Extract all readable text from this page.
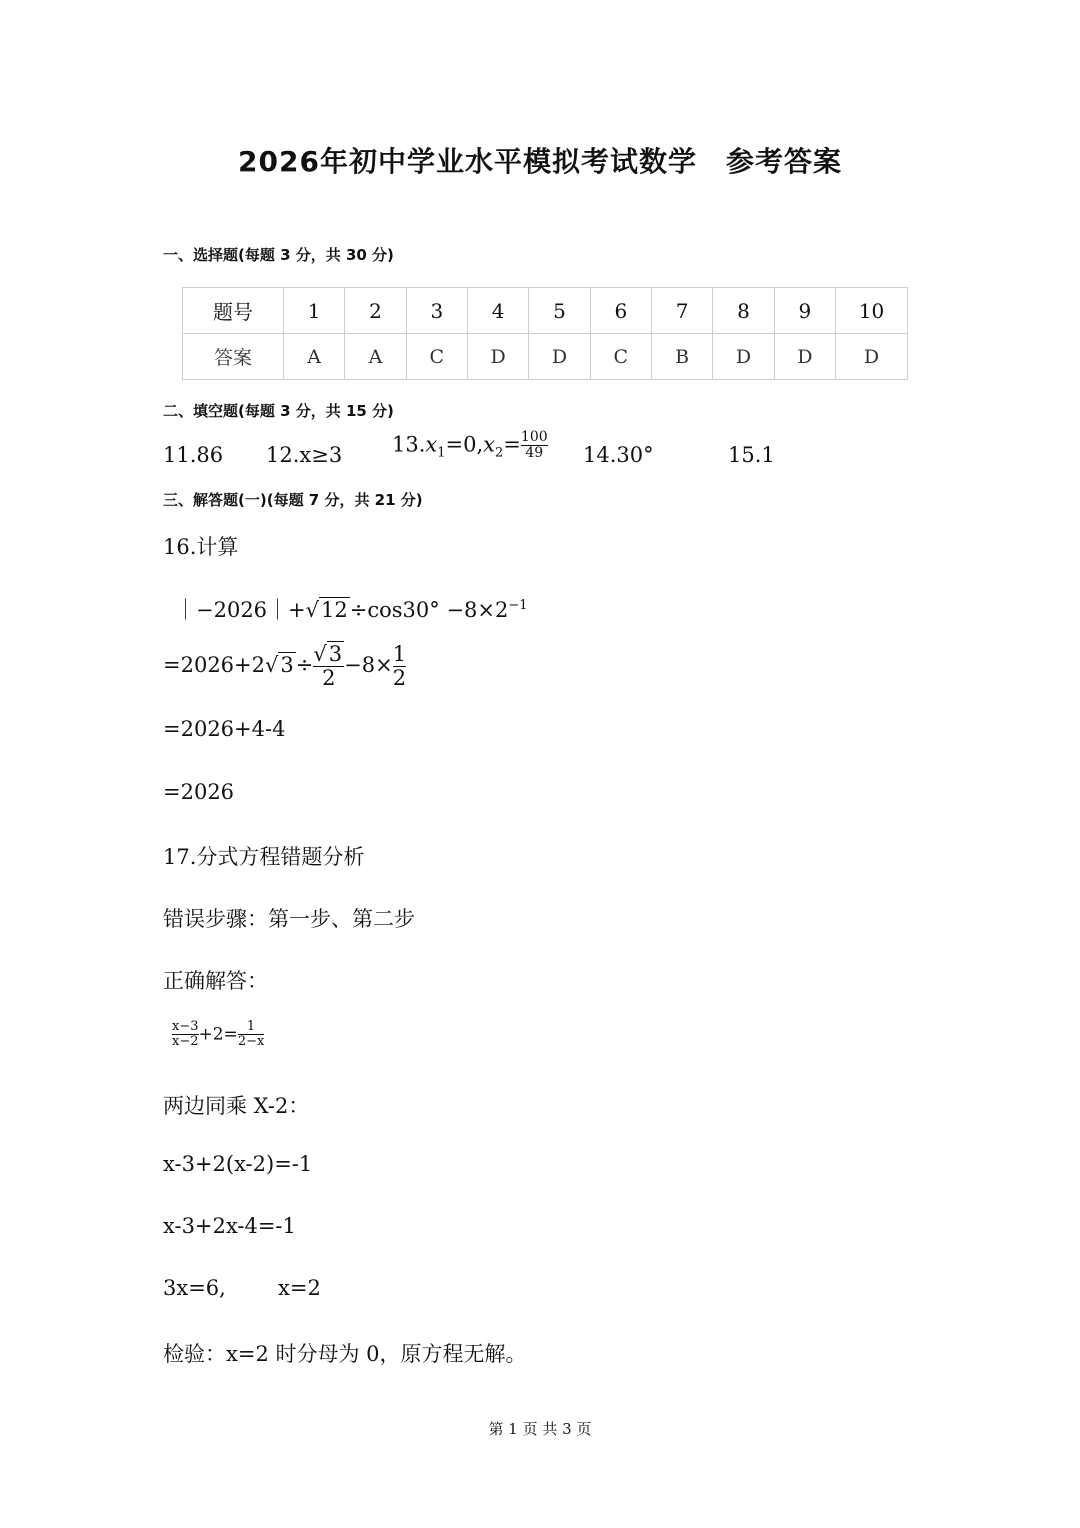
2026年初中学业水平模拟考试数学　参考答案
一、选择题(每题 3 分，共 30 分)
题号	1	2	3	4	5	6	7	8	9	10
答案	A	A	C	D	D	C	B	D	D	D
二、填空题(每题 3 分，共 15 分)
11.86 12.x≥3 $13.x_1=0,x_2= \frac{100}{49} 14.30^\circ$	15.1
三、解答题(一)(每题 7 分，共 21 分)
16.计算
｜−2026｜+√12÷cos30° $-8\times 2^{-1}$
$=2026+2√3\div \frac{√3}{2} -8\times \frac{1}{2}$
=2026+4-4
=2026
17.分式方程错题分析
错误步骤：第一步、第二步
正确解答：
$\frac{x-3}{x-2} +2= \frac{1}{2-x}$
两边同乘 X-2：
x-3+2(x-2)=-1
x-3+2x-4=-1
3x=6, x=2
检验：x=2 时分母为 0，原方程无解。
第 1 页 共 3 页
